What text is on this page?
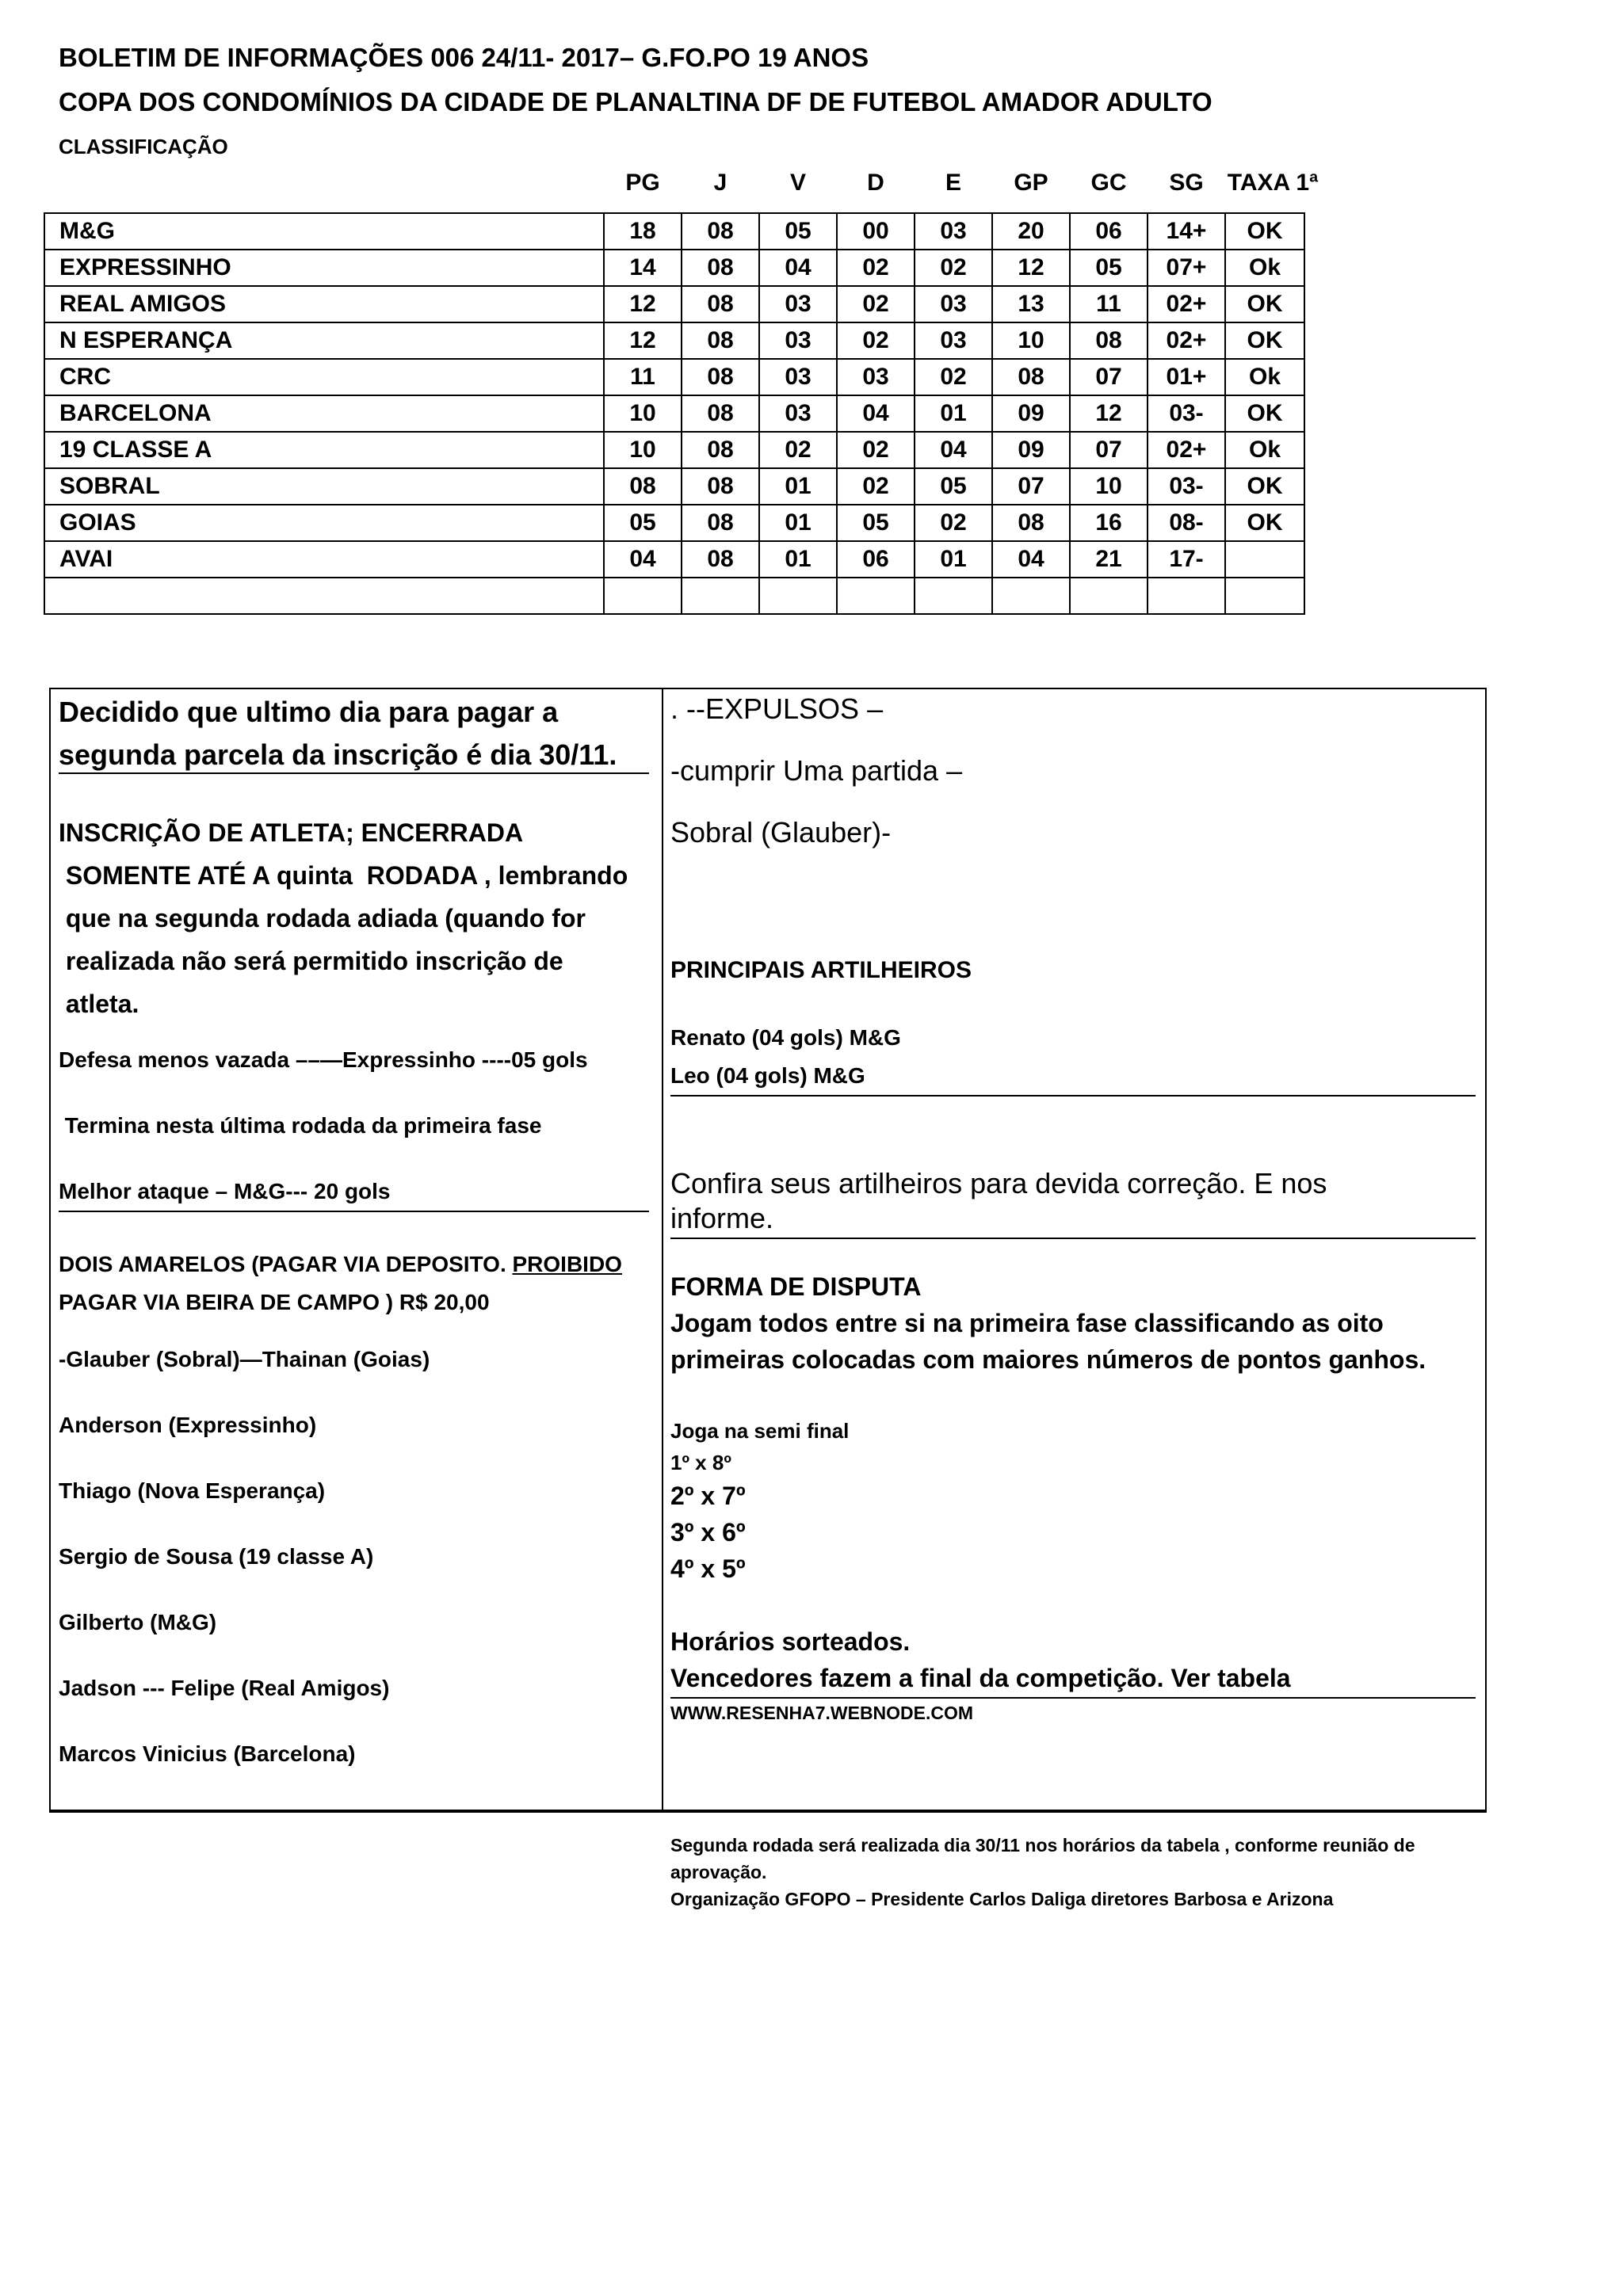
BOLETIM DE INFORMAÇÕES 006 24/11- 2017– G.FO.PO 19 ANOS

COPA DOS CONDOMÍNIOS DA CIDADE DE PLANALTINA DF DE FUTEBOL AMADOR ADULTO

CLASSIFICAÇÃO

PG	J	V	D	E	GP	GC	SG	TAXA 1ª
M&G	18	08	05	00	03	20	06	14+	OK
EXPRESSINHO	14	08	04	02	02	12	05	07+	Ok
REAL AMIGOS	12	08	03	02	03	13	11	02+	OK
N ESPERANÇA	12	08	03	02	03	10	08	02+	OK
CRC	11	08	03	03	02	08	07	01+	Ok
BARCELONA	10	08	03	04	01	09	12	03-	OK
19 CLASSE A	10	08	02	02	04	09	07	02+	Ok
SOBRAL	08	08	01	02	05	07	10	03-	OK
GOIAS	05	08	01	05	02	08	16	08-	OK
AVAI	04	08	01	06	01	04	21	17-	

Decidido que ultimo dia para pagar a segunda parcela da inscrição é dia 30/11.

INSCRIÇÃO DE ATLETA; ENCERRADA
SOMENTE ATÉ A quinta  RODADA , lembrando
que na segunda rodada adiada (quando for
realizada não será permitido inscrição de
atleta.

Defesa menos vazada ––—Expressinho ----05 gols

Termina nesta última rodada da primeira fase

Melhor ataque – M&G--- 20 gols

DOIS AMARELOS (PAGAR VIA DEPOSITO. PROIBIDO
PAGAR VIA BEIRA DE CAMPO ) R$ 20,00

-Glauber (Sobral)—Thainan (Goias)
Anderson (Expressinho)
Thiago (Nova Esperança)
Sergio de Sousa (19 classe A)
Gilberto (M&G)
Jadson --- Felipe (Real Amigos)
Marcos Vinicius (Barcelona)

. --EXPULSOS –

-cumprir Uma partida –

Sobral (Glauber)-

PRINCIPAIS ARTILHEIROS

Renato (04 gols) M&G

Leo (04 gols) M&G

Confira seus artilheiros para devida correção. E nos
informe.

FORMA DE DISPUTA

Jogam todos entre si na primeira fase classificando as oito

primeiras colocadas com maiores números de pontos ganhos.

Joga na semi final

1º x 8º

2º x 7º

3º x 6º

4º x 5º

Horários sorteados.

Vencedores fazem a final da competição. Ver tabela

WWW.RESENHA7.WEBNODE.COM

Segunda rodada será realizada dia 30/11 nos horários da tabela , conforme reunião de
aprovação.
Organização GFOPO – Presidente Carlos Daliga diretores Barbosa e Arizona
